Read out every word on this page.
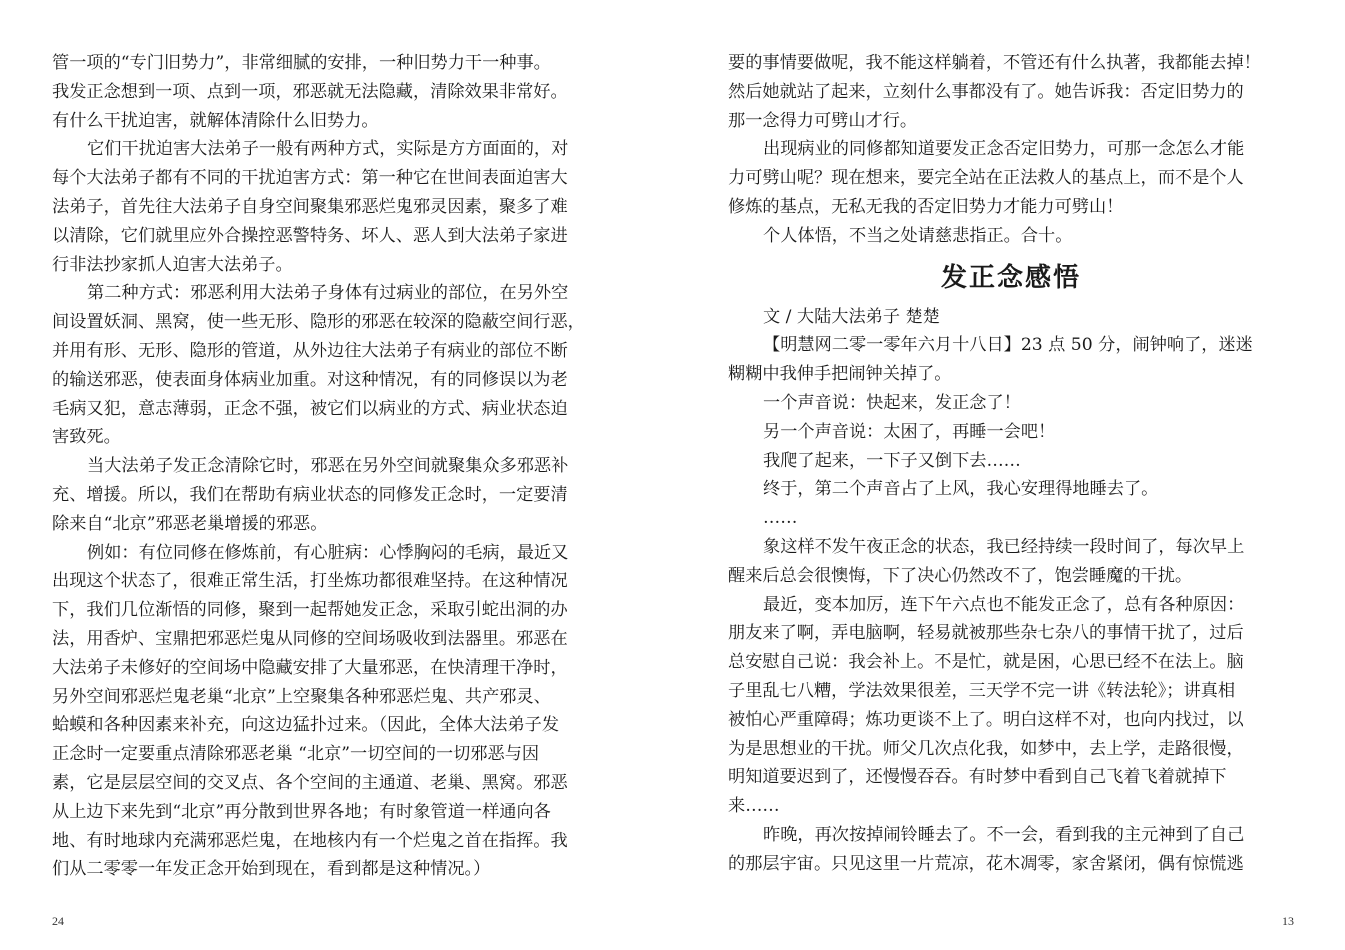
管一项的“专门旧势力”，非常细腻的安排，一种旧势力干一种事。
我发正念想到一项、点到一项，邪恶就无法隐藏，清除效果非常好。
有什么干扰迫害，就解体清除什么旧势力。
它们干扰迫害大法弟子一般有两种方式，实际是方方面面的，对
每个大法弟子都有不同的干扰迫害方式：第一种它在世间表面迫害大
法弟子，首先往大法弟子自身空间聚集邪恶烂鬼邪灵因素，聚多了难
以清除，它们就里应外合操控恶警特务、坏人、恶人到大法弟子家进
行非法抄家抓人迫害大法弟子。
第二种方式：邪恶利用大法弟子身体有过病业的部位，在另外空
间设置妖洞、黑窝，使一些无形、隐形的邪恶在较深的隐蔽空间行恶，
并用有形、无形、隐形的管道，从外边往大法弟子有病业的部位不断
的输送邪恶，使表面身体病业加重。对这种情况，有的同修误以为老
毛病又犯，意志薄弱，正念不强，被它们以病业的方式、病业状态迫
害致死。
当大法弟子发正念清除它时，邪恶在另外空间就聚集众多邪恶补
充、增援。所以，我们在帮助有病业状态的同修发正念时，一定要清
除来自“北京”邪恶老巢增援的邪恶。
例如：有位同修在修炼前，有心脏病：心悸胸闷的毛病，最近又
出现这个状态了，很难正常生活，打坐炼功都很难坚持。在这种情况
下，我们几位渐悟的同修，聚到一起帮她发正念，采取引蛇出洞的办
法，用香炉、宝鼎把邪恶烂鬼从同修的空间场吸收到法器里。邪恶在
大法弟子未修好的空间场中隐藏安排了大量邪恶，在快清理干净时，
另外空间邪恶烂鬼老巢“北京”上空聚集各种邪恶烂鬼、共产邪灵、
蛤蟆和各种因素来补充，向这边猛扑过来。（因此，全体大法弟子发
正念时一定要重点清除邪恶老巢 “北京”一切空间的一切邪恶与因
素，它是层层空间的交叉点、各个空间的主通道、老巢、黑窝。邪恶
从上边下来先到“北京”再分散到世界各地；有时象管道一样通向各
地、有时地球内充满邪恶烂鬼，在地核内有一个烂鬼之首在指挥。我
们从二零零一年发正念开始到现在，看到都是这种情况。）
24
要的事情要做呢，我不能这样躺着，不管还有什么执著，我都能去掉！
然后她就站了起来，立刻什么事都没有了。她告诉我：否定旧势力的
那一念得力可劈山才行。
出现病业的同修都知道要发正念否定旧势力，可那一念怎么才能
力可劈山呢？现在想来，要完全站在正法救人的基点上，而不是个人
修炼的基点，无私无我的否定旧势力才能力可劈山！
个人体悟，不当之处请慈悲指正。合十。
发正念感悟
文 / 大陆大法弟子 楚楚
【明慧网二零一零年六月十八日】23 点 50 分，闹钟响了，迷迷
糊糊中我伸手把闹钟关掉了。
一个声音说：快起来，发正念了！
另一个声音说：太困了，再睡一会吧！
我爬了起来，一下子又倒下去……
终于，第二个声音占了上风，我心安理得地睡去了。
……
象这样不发午夜正念的状态，我已经持续一段时间了，每次早上
醒来后总会很懊悔，下了决心仍然改不了，饱尝睡魔的干扰。
最近，变本加厉，连下午六点也不能发正念了，总有各种原因：
朋友来了啊，弄电脑啊，轻易就被那些杂七杂八的事情干扰了，过后
总安慰自己说：我会补上。不是忙，就是困，心思已经不在法上。脑
子里乱七八糟，学法效果很差，三天学不完一讲《转法轮》；讲真相
被怕心严重障碍；炼功更谈不上了。明白这样不对，也向内找过，以
为是思想业的干扰。师父几次点化我，如梦中，去上学，走路很慢，
明知道要迟到了，还慢慢吞吞。有时梦中看到自己飞着飞着就掉下
来……
昨晚，再次按掉闹铃睡去了。不一会，看到我的主元神到了自己
的那层宇宙。只见这里一片荒凉，花木凋零，家舍紧闭，偶有惊慌逃
13
